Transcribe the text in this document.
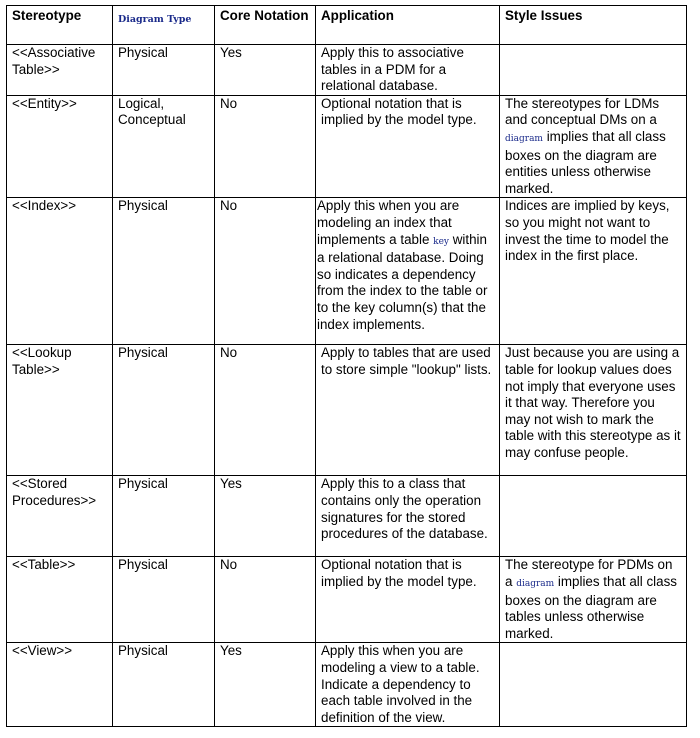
Stereotype	Diagram Type	Core Notation	Application	Style Issues
<<Associative Table>>	Physical	Yes	Apply this to associative tables in a PDM for a relational database.	
<<Entity>>	Logical, Conceptual	No	Optional notation that is implied by the model type.	The stereotypes for LDMs and conceptual DMs on a diagram implies that all class boxes on the diagram are entities unless otherwise marked.
<<Index>>	Physical	No	Apply this when you are modeling an index that implements a table key within a relational database. Doing so indicates a dependency from the index to the table or to the key column(s) that the index implements.	Indices are implied by keys, so you might not want to invest the time to model the index in the first place.
<<Lookup Table>>	Physical	No	Apply to tables that are used to store simple "lookup" lists.	Just because you are using a table for lookup values does not imply that everyone uses it that way. Therefore you may not wish to mark the table with this stereotype as it may confuse people.
<<Stored Procedures>>	Physical	Yes	Apply this to a class that contains only the operation signatures for the stored procedures of the database.	
<<Table>>	Physical	No	Optional notation that is implied by the model type.	The stereotype for PDMs on a diagram implies that all class boxes on the diagram are tables unless otherwise marked.
<<View>>	Physical	Yes	Apply this when you are modeling a view to a table. Indicate a dependency to each table involved in the definition of the view.	
